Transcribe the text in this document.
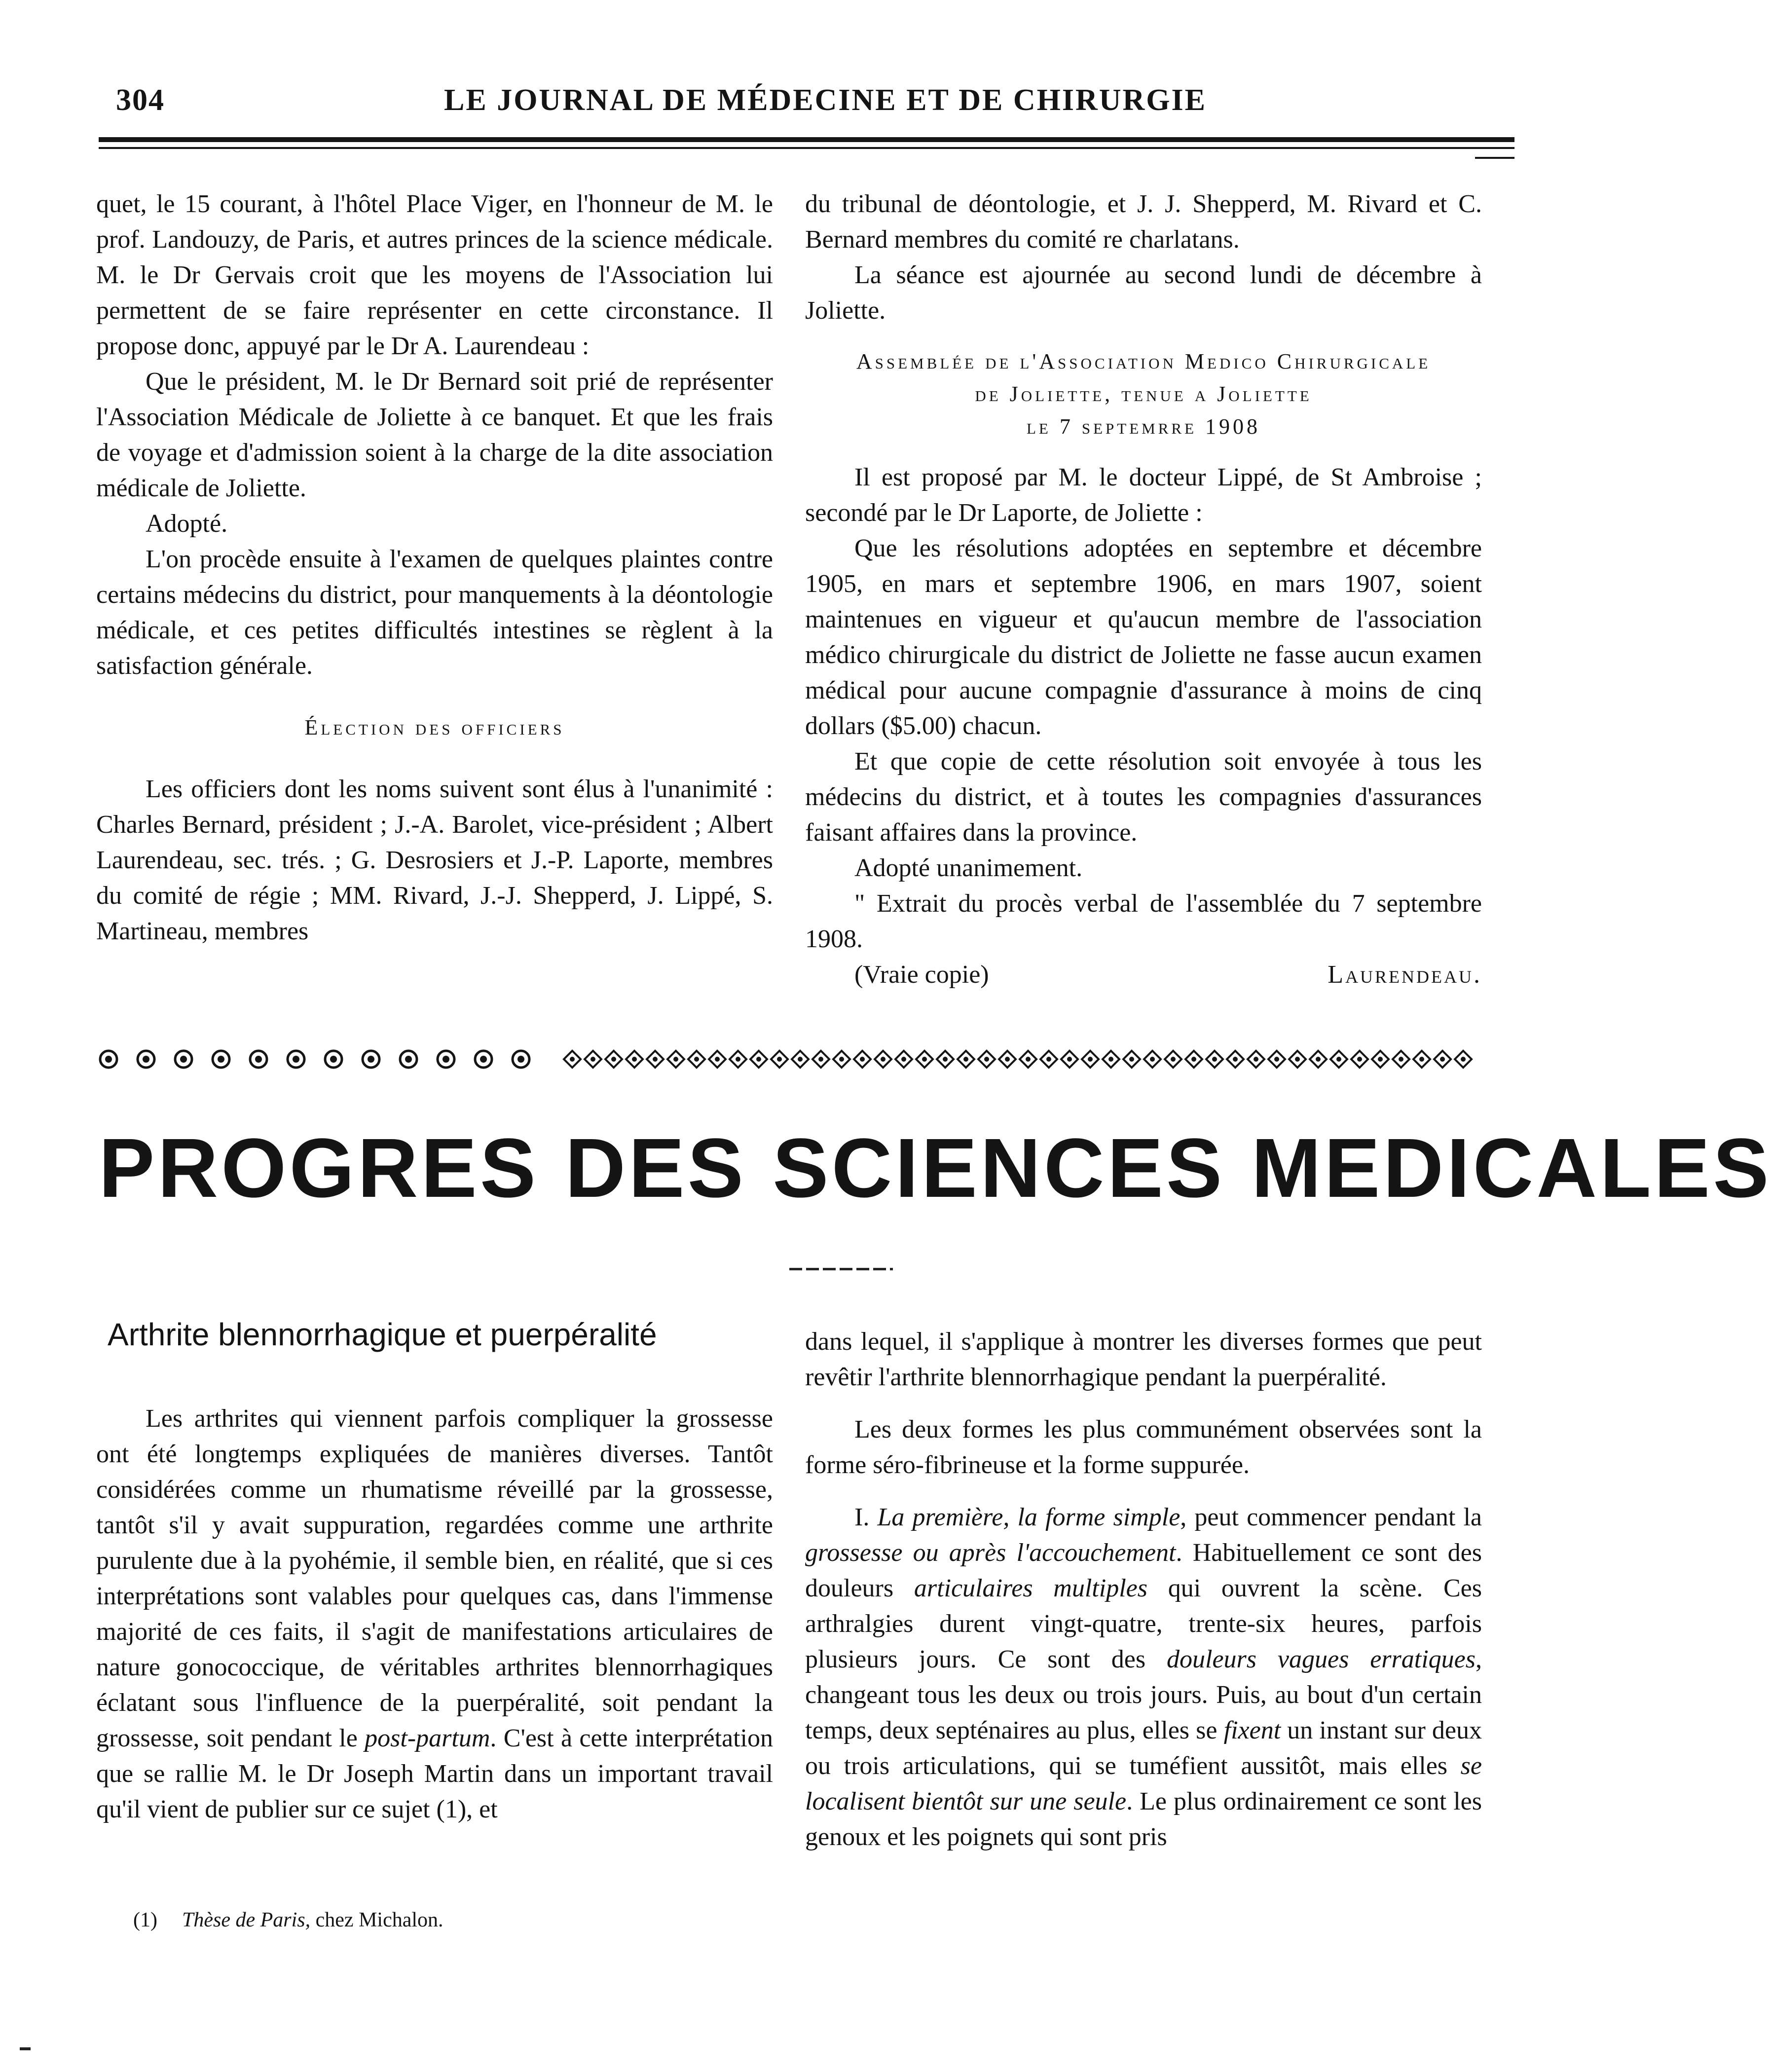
304	LE JOURNAL DE MÉDECINE ET DE CHIRURGIE

quet, le 15 courant, à l'hôtel Place Viger, en l'honneur de M. le prof. Landouzy, de Paris, et autres princes de la science médicale. M. le Dr Gervais croit que les moyens de l'Association lui permettent de se faire représenter en cette circonstance. Il propose donc, appuyé par le Dr A. Laurendeau :

Que le président, M. le Dr Bernard soit prié de représenter l'Association Médicale de Joliette à ce banquet. Et que les frais de voyage et d'admission soient à la charge de la dite association médicale de Joliette.

Adopté.

L'on procède ensuite à l'examen de quelques plaintes contre certains médecins du district, pour manquements à la déontologie médicale, et ces petites difficultés intestines se règlent à la satisfaction générale.

Élection des officiers

Les officiers dont les noms suivent sont élus à l'unanimité : Charles Bernard, président ; J.-A. Barolet, vice-président ; Albert Laurendeau, sec. trés. ; G. Desrosiers et J.-P. Laporte, membres du comité de régie ; MM. Rivard, J.-J. Shepperd, J. Lippé, S. Martineau, membres

du tribunal de déontologie, et J. J. Shepperd, M. Rivard et C. Bernard membres du comité re charlatans.

La séance est ajournée au second lundi de décembre à Joliette.

Assemblée de l'Association Medico Chirurgicale

de Joliette, tenue a Joliette

le 7 septemrre 1908

Il est proposé par M. le docteur Lippé, de St Ambroise ; secondé par le Dr Laporte, de Joliette :

Que les résolutions adoptées en septembre et décembre 1905, en mars et septembre 1906, en mars 1907, soient maintenues en vigueur et qu'aucun membre de l'association médico chirurgicale du district de Joliette ne fasse aucun examen médical pour aucune compagnie d'assurance à moins de cinq dollars ($5.00) chacun.

Et que copie de cette résolution soit envoyée à tous les médecins du district, et à toutes les compagnies d'assurances faisant affaires dans la province.

Adopté unanimement.

" Extrait du procès verbal de l'assemblée du 7 septembre 1908.

(Vraie copie)	Laurendeau.
PROGRES DES SCIENCES MEDICALES
Arthrite blennorrhagique et puerpéralité

Les arthrites qui viennent parfois compliquer la grossesse ont été longtemps expliquées de manières diverses. Tantôt considérées comme un rhumatisme réveillé par la grossesse, tantôt s'il y avait suppuration, regardées comme une arthrite purulente due à la pyohémie, il semble bien, en réalité, que si ces interprétations sont valables pour quelques cas, dans l'immense majorité de ces faits, il s'agit de manifestations articulaires de nature gonococcique, de véritables arthrites blennorrhagiques éclatant sous l'influence de la puerpéralité, soit pendant la grossesse, soit pendant le post-partum. C'est à cette interprétation que se rallie M. le Dr Joseph Martin dans un important travail qu'il vient de publier sur ce sujet (1), et

(1) Thèse de Paris, chez Michalon.

dans lequel, il s'applique à montrer les diverses formes que peut revêtir l'arthrite blennorrhagique pendant la puerpéralité.

Les deux formes les plus communément observées sont la forme séro-fibrineuse et la forme suppurée.

I. La première, la forme simple, peut commencer pendant la grossesse ou après l'accouchement. Habituellement ce sont des douleurs articulaires multiples qui ouvrent la scène. Ces arthralgies durent vingt-quatre, trente-six heures, parfois plusieurs jours. Ce sont des douleurs vagues erratiques, changeant tous les deux ou trois jours. Puis, au bout d'un certain temps, deux septénaires au plus, elles se fixent un instant sur deux ou trois articulations, qui se tuméfient aussitôt, mais elles se localisent bientôt sur une seule. Le plus ordinairement ce sont les genoux et les poignets qui sont pris
